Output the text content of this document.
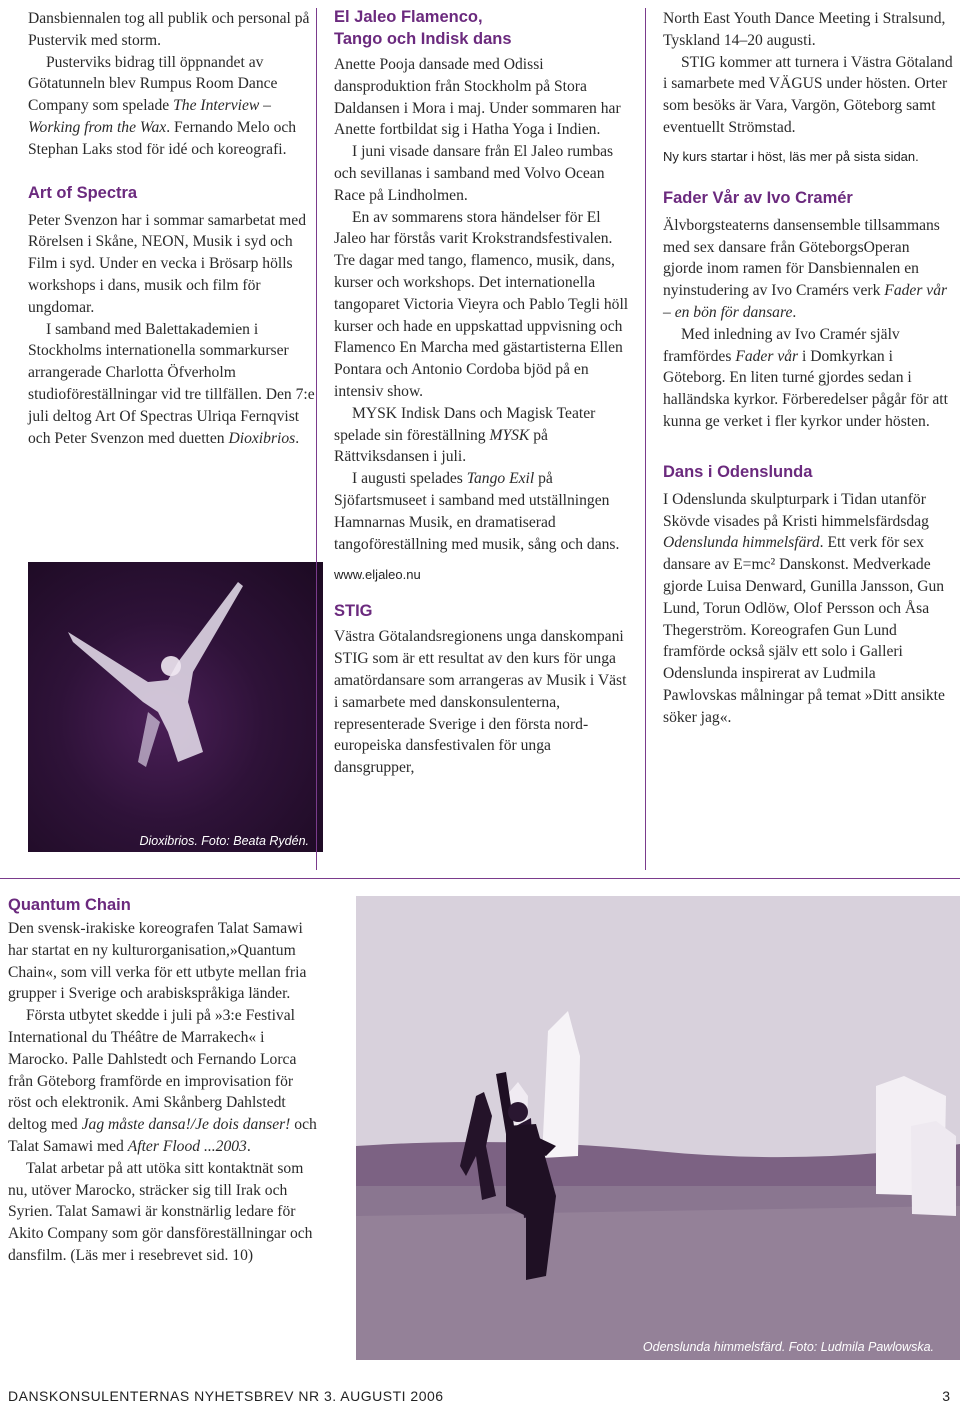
Dansbiennalen tog all publik och personal på Pustervik med storm.

Pusterviks bidrag till öppnandet av Götatunneln blev Rumpus Room Dance Company som spelade The Interview – Working from the Wax. Fernando Melo och Stephan Laks stod för idé och koreografi.

Art of Spectra

Peter Svenzon har i sommar samarbetat med Rörelsen i Skåne, NEON, Musik i syd och Film i syd. Under en vecka i Brösarp hölls workshops i dans, musik och film för ungdomar.

I samband med Balettakademien i Stockholms internationella sommarkurser arrangerade Charlotta Öfverholm studioföreställningar vid tre tillfällen. Den 7:e juli deltog Art Of Spectras Ulriqa Fernqvist och Peter Svenzon med duetten Dioxibrios.

Dioxibrios. Foto: Beata Rydén.
El Jaleo Flamenco,
Tango och Indisk dans

Anette Pooja dansade med Odissi dansproduktion från Stockholm på Stora Daldansen i Mora i maj. Under sommaren har Anette fortbildat sig i Hatha Yoga i Indien.

I juni visade dansare från El Jaleo rumbas och sevillanas i samband med Volvo Ocean Race på Lindholmen.

En av sommarens stora händelser för El Jaleo har förstås varit Krokstrandsfestivalen. Tre dagar med tango, flamenco, musik, dans, kurser och workshops. Det internationella tangoparet Victoria Vieyra och Pablo Tegli höll kurser och hade en uppskattad uppvisning och Flamenco En Marcha med gästartisterna Ellen Pontara och Antonio Cordoba bjöd på en intensiv show.

MYSK Indisk Dans och Magisk Teater spelade sin föreställning MYSK på Rättviksdansen i juli.

I augusti spelades Tango Exil på Sjöfartsmuseet i samband med utställningen Hamnarnas Musik, en dramatiserad tangoföreställning med musik, sång och dans.

www.eljaleo.nu
STIG

Västra Götalandsregionens unga danskompani STIG som är ett resultat av den kurs för unga amatördansare som arrangeras av Musik i Väst i samarbete med danskonsulenterna, representerade Sverige i den första nord-europeiska dansfestivalen för unga dansgrupper,

North East Youth Dance Meeting i Stralsund, Tyskland 14–20 augusti.

STIG kommer att turnera i Västra Götaland i samarbete med VÄGUS under hösten. Orter som besöks är Vara, Vargön, Göteborg samt eventuellt Strömstad.

Ny kurs startar i höst, läs mer på sista sidan.
Fader Vår av Ivo Cramér

Älvborgsteaterns dansensemble tillsammans med sex dansare från GöteborgsOperan gjorde inom ramen för Dansbiennalen en nyinstudering av Ivo Cramérs verk Fader vår – en bön för dansare.

Med inledning av Ivo Cramér själv framfördes Fader vår i Domkyrkan i Göteborg. En liten turné gjordes sedan i halländska kyrkor. Förberedelser pågår för att kunna ge verket i fler kyrkor under hösten.

Dans i Odenslunda

I Odenslunda skulpturpark i Tidan utanför Skövde visades på Kristi himmelsfärdsdag Odenslunda himmelsfärd. Ett verk för sex dansare av E=mc² Danskonst. Medverkade gjorde Luisa Denward, Gunilla Jansson, Gun Lund, Torun Odlöw, Olof Persson och Åsa Thegerström. Koreografen Gun Lund framförde också själv ett solo i Galleri Odenslunda inspirerat av Ludmila Pawlovskas målningar på temat »Ditt ansikte söker jag«.

Quantum Chain

Den svensk-irakiske koreografen Talat Samawi har startat en ny kulturorganisation,»Quantum Chain«, som vill verka för ett utbyte mellan fria grupper i Sverige och arabiskspråkiga länder.

Första utbytet skedde i juli på »3:e Festival International du Théâtre de Marrakech« i Marocko. Palle Dahlstedt och Fernando Lorca från Göteborg framförde en improvisation för röst och elektronik. Ami Skånberg Dahlstedt deltog med Jag måste dansa!/Je dois danser! och Talat Samawi med After Flood ...2003.

Talat arbetar på att utöka sitt kontaktnät som nu, utöver Marocko, sträcker sig till Irak och Syrien. Talat Samawi är konstnärlig ledare för Akito Company som gör dansföreställningar och dansfilm. (Läs mer i resebrevet sid. 10)

Odenslunda himmelsfärd. Foto: Ludmila Pawlowska.
DANSKONSULENTERNAS NYHETSBREV NR 3. AUGUSTI 2006	3
